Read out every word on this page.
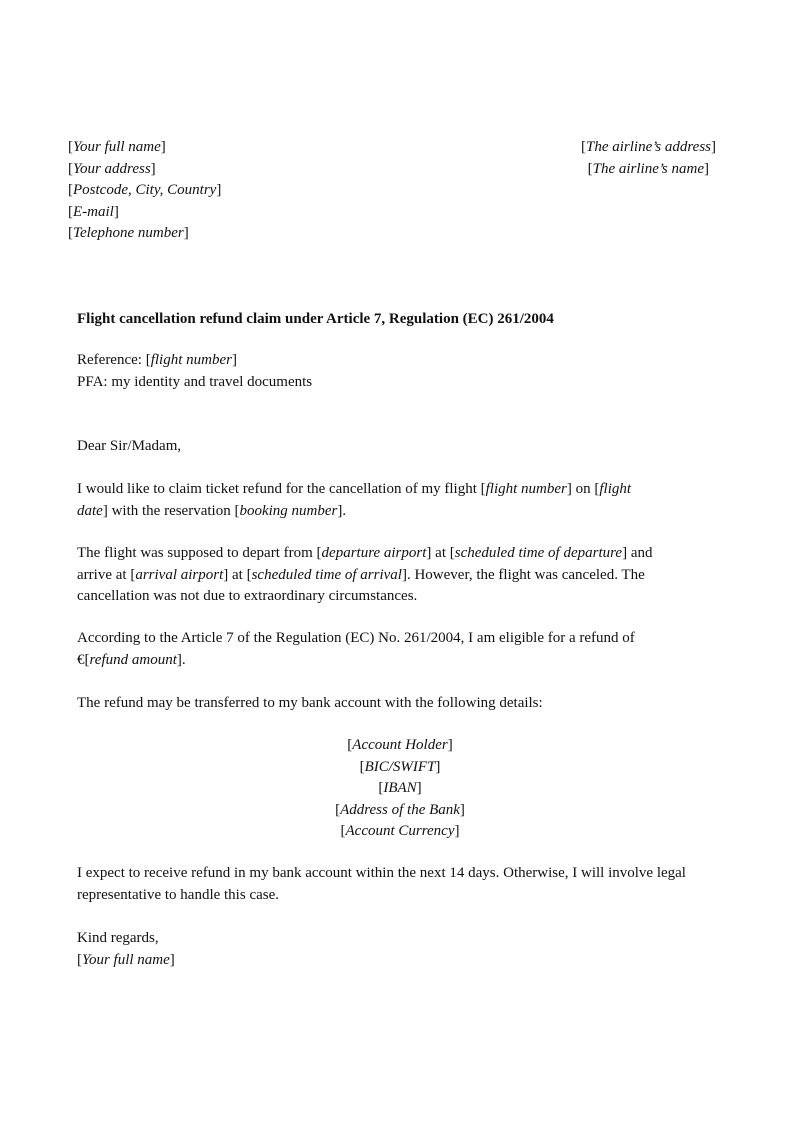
[Your full name]
[Your address]
[Postcode, City, Country]
[E-mail]
[Telephone number]
[The airline’s address]
[The airline’s name]
Flight cancellation refund claim under Article 7, Regulation (EC) 261/2004
Reference: [flight number]
PFA: my identity and travel documents
Dear Sir/Madam,
I would like to claim ticket refund for the cancellation of my flight [flight number] on [flight
date] with the reservation [booking number].
The flight was supposed to depart from [departure airport] at [scheduled time of departure] and
arrive at [arrival airport] at [scheduled time of arrival]. However, the flight was canceled. The
cancellation was not due to extraordinary circumstances.
According to the Article 7 of the Regulation (EC) No. 261/2004, I am eligible for a refund of
€[refund amount].
The refund may be transferred to my bank account with the following details:
[Account Holder]
[BIC/SWIFT]
[IBAN]
[Address of the Bank]
[Account Currency]
I expect to receive refund in my bank account within the next 14 days. Otherwise, I will involve legal
representative to handle this case.
Kind regards,
[Your full name]
